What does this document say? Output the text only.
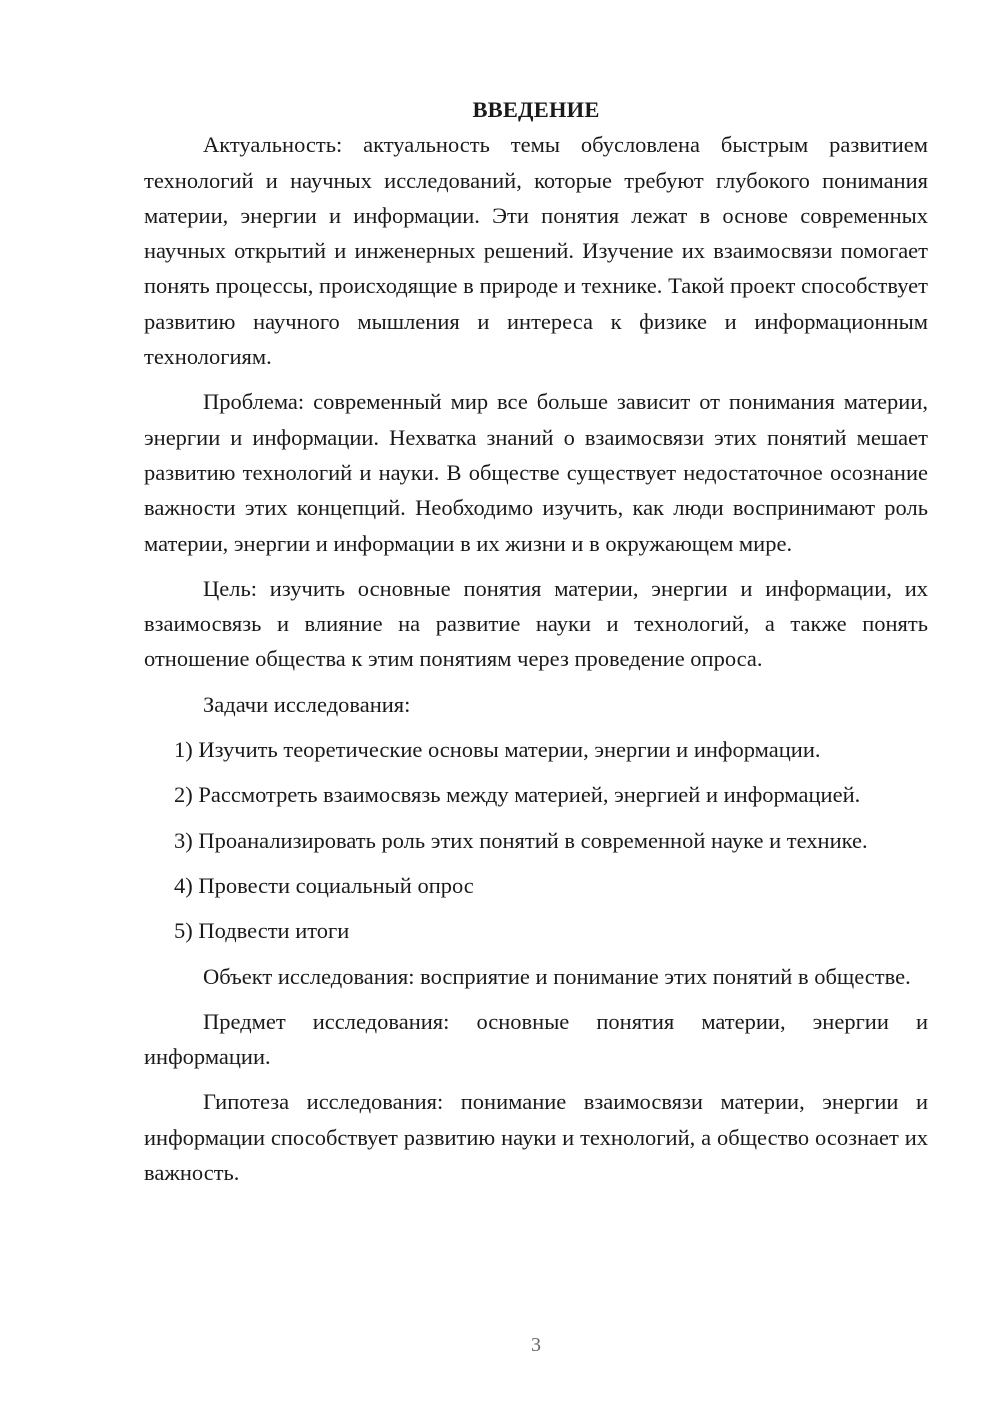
ВВЕДЕНИЕ

Актуальность: актуальность темы обусловлена быстрым развитием технологий и научных исследований, которые требуют глубокого понимания материи, энергии и информации. Эти понятия лежат в основе современных научных открытий и инженерных решений. Изучение их взаимосвязи помогает понять процессы, происходящие в природе и технике. Такой проект способствует развитию научного мышления и интереса к физике и информационным технологиям.

Проблема: современный мир все больше зависит от понимания материи, энергии и информации. Нехватка знаний о взаимосвязи этих понятий мешает развитию технологий и науки. В обществе существует недостаточное осознание важности этих концепций. Необходимо изучить, как люди воспринимают роль материи, энергии и информации в их жизни и в окружающем мире.

Цель: изучить основные понятия материи, энергии и информации, их взаимосвязь и влияние на развитие науки и технологий, а также понять отношение общества к этим понятиям через проведение опроса.

Задачи исследования:

1) Изучить теоретические основы материи, энергии и информации.

2) Рассмотреть взаимосвязь между материей, энергией и информацией.

3) Проанализировать роль этих понятий в современной науке и технике.

4) Провести социальный опрос

5) Подвести итоги

Объект исследования: восприятие и понимание этих понятий в обществе.

Предмет исследования: основные понятия материи, энергии и информации.

Гипотеза исследования: понимание взаимосвязи материи, энергии и информации способствует развитию науки и технологий, а общество осознает их важность.

3
